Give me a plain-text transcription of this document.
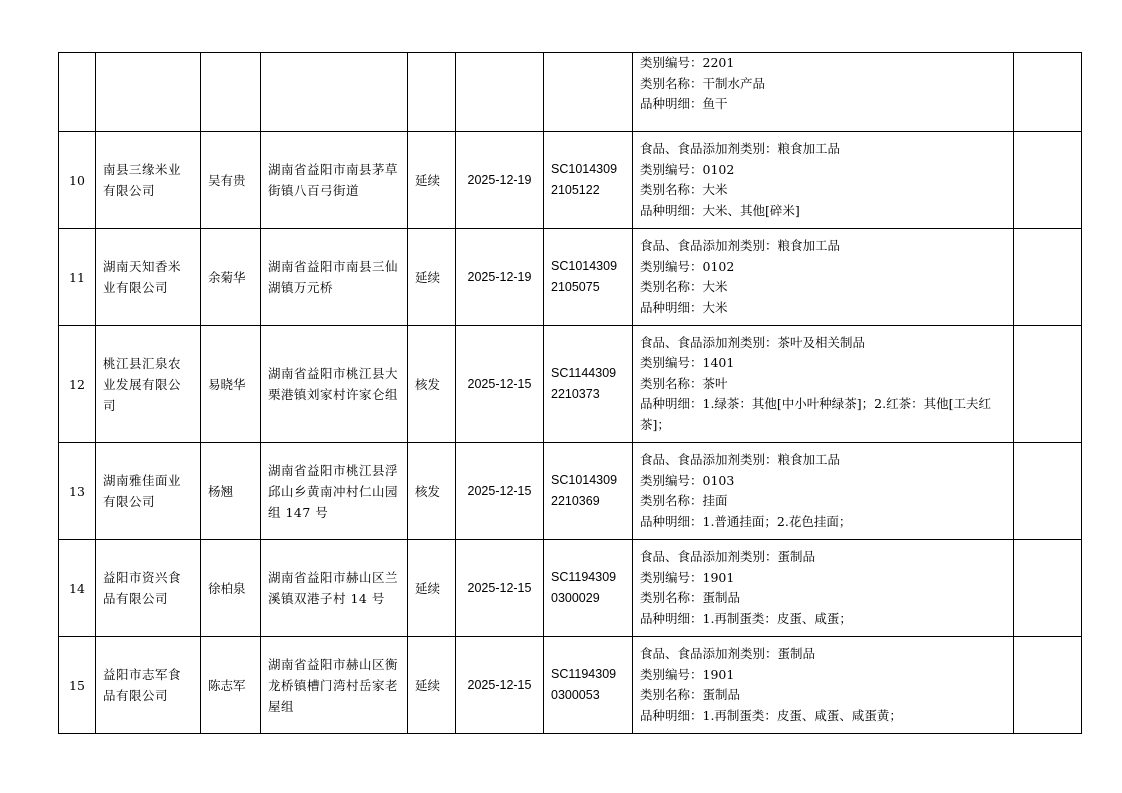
							类别编号：2201
类别名称：干制水产品
品种明细：鱼干	

10	南县三缘米业有限公司	吴有贵	湖南省益阳市南县茅草街镇八百弓街道	延续	2025-12-19	SC1014309 2105122	食品、食品添加剂类别：粮食加工品
类别编号：0102
类别名称：大米
品种明细：大米、其他[碎米]	

11	湖南天知香米业有限公司	余菊华	湖南省益阳市南县三仙湖镇万元桥	延续	2025-12-19	SC1014309 2105075	食品、食品添加剂类别：粮食加工品
类别编号：0102
类别名称：大米
品种明细：大米	

12	桃江县汇泉农业发展有限公司	易晓华	湖南省益阳市桃江县大栗港镇刘家村许家仑组	核发	2025-12-15	SC1144309 2210373	食品、食品添加剂类别：茶叶及相关制品
类别编号：1401
类别名称：茶叶
品种明细：1.绿茶：其他[中小叶种绿茶]；2.红茶：其他[工夫红茶]；	

13	湖南雅佳面业有限公司	杨翘	湖南省益阳市桃江县浮邱山乡黄南冲村仁山园组 147 号	核发	2025-12-15	SC1014309 2210369	食品、食品添加剂类别：粮食加工品
类别编号：0103
类别名称：挂面
品种明细：1.普通挂面；2.花色挂面；	

14	益阳市资兴食品有限公司	徐柏泉	湖南省益阳市赫山区兰溪镇双港子村 14 号	延续	2025-12-15	SC1194309 0300029	食品、食品添加剂类别：蛋制品
类别编号：1901
类别名称：蛋制品
品种明细：1.再制蛋类：皮蛋、咸蛋；	

15	益阳市志军食品有限公司	陈志军	湖南省益阳市赫山区衡龙桥镇槽门湾村岳家老屋组	延续	2025-12-15	SC1194309 0300053	食品、食品添加剂类别：蛋制品
类别编号：1901
类别名称：蛋制品
品种明细：1.再制蛋类：皮蛋、咸蛋、咸蛋黄；	
